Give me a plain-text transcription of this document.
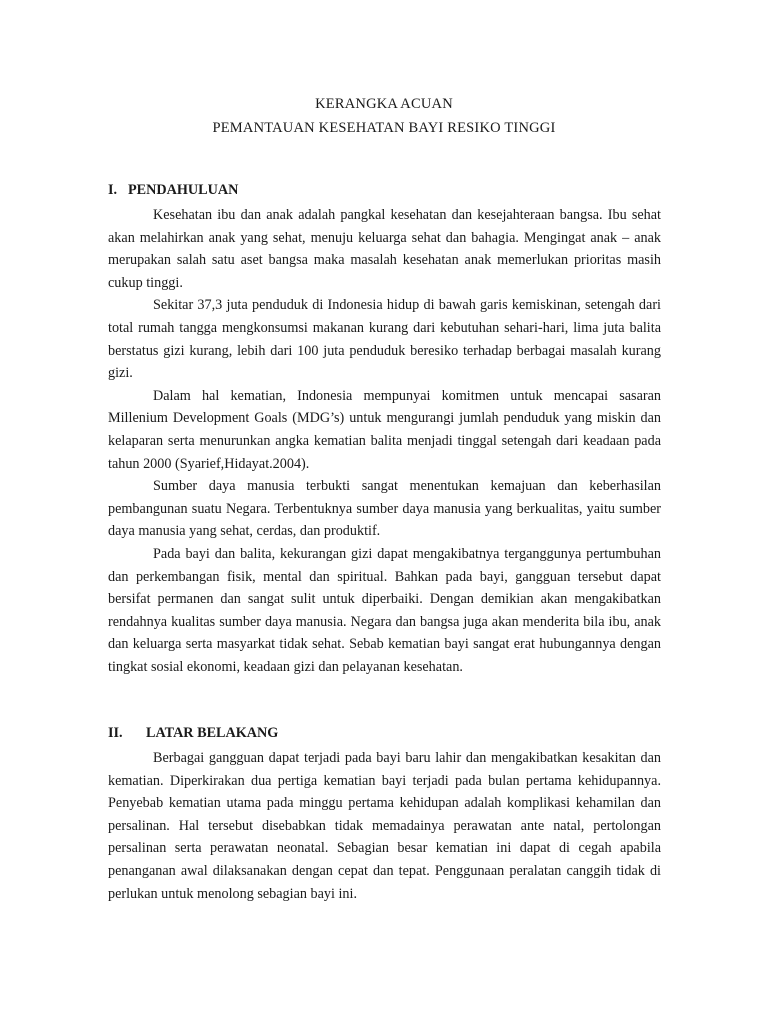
KERANGKA ACUAN
PEMANTAUAN KESEHATAN BAYI RESIKO TINGGI
I. PENDAHULUAN

Kesehatan ibu dan anak adalah pangkal kesehatan dan kesejahteraan bangsa. Ibu sehat akan melahirkan anak yang sehat, menuju keluarga sehat dan bahagia. Mengingat anak – anak merupakan salah satu aset bangsa maka masalah kesehatan anak memerlukan prioritas masih cukup tinggi.

Sekitar 37,3 juta penduduk di Indonesia hidup di bawah garis kemiskinan, setengah dari total rumah tangga mengkonsumsi makanan kurang dari kebutuhan sehari-hari, lima juta balita berstatus gizi kurang, lebih dari 100 juta penduduk beresiko terhadap berbagai masalah kurang gizi.

Dalam hal kematian, Indonesia mempunyai komitmen untuk mencapai sasaran Millenium Development Goals (MDG’s) untuk mengurangi jumlah penduduk yang miskin dan kelaparan serta menurunkan angka kematian balita menjadi tinggal setengah dari keadaan pada tahun 2000 (Syarief,Hidayat.2004).

Sumber daya manusia terbukti sangat menentukan kemajuan dan keberhasilan pembangunan suatu Negara. Terbentuknya sumber daya manusia yang berkualitas, yaitu sumber daya manusia yang sehat, cerdas, dan produktif.

Pada bayi dan balita, kekurangan gizi dapat mengakibatnya terganggunya pertumbuhan dan perkembangan fisik, mental dan spiritual. Bahkan pada bayi, gangguan tersebut dapat bersifat permanen dan sangat sulit untuk diperbaiki. Dengan demikian akan mengakibatkan rendahnya kualitas sumber daya manusia. Negara dan bangsa juga akan menderita bila ibu, anak dan keluarga serta masyarkat tidak sehat. Sebab kematian bayi sangat erat hubungannya dengan tingkat sosial ekonomi, keadaan gizi dan pelayanan kesehatan.

II.	LATAR BELAKANG

Berbagai gangguan dapat terjadi pada bayi baru lahir dan mengakibatkan kesakitan dan kematian. Diperkirakan dua pertiga kematian bayi terjadi pada bulan pertama kehidupannya. Penyebab kematian utama pada minggu pertama kehidupan adalah komplikasi kehamilan dan persalinan. Hal tersebut disebabkan tidak memadainya perawatan ante natal, pertolongan persalinan serta perawatan neonatal. Sebagian besar kematian ini dapat di cegah apabila penanganan awal dilaksanakan dengan cepat dan tepat. Penggunaan peralatan canggih tidak di perlukan untuk menolong sebagian bayi ini.
